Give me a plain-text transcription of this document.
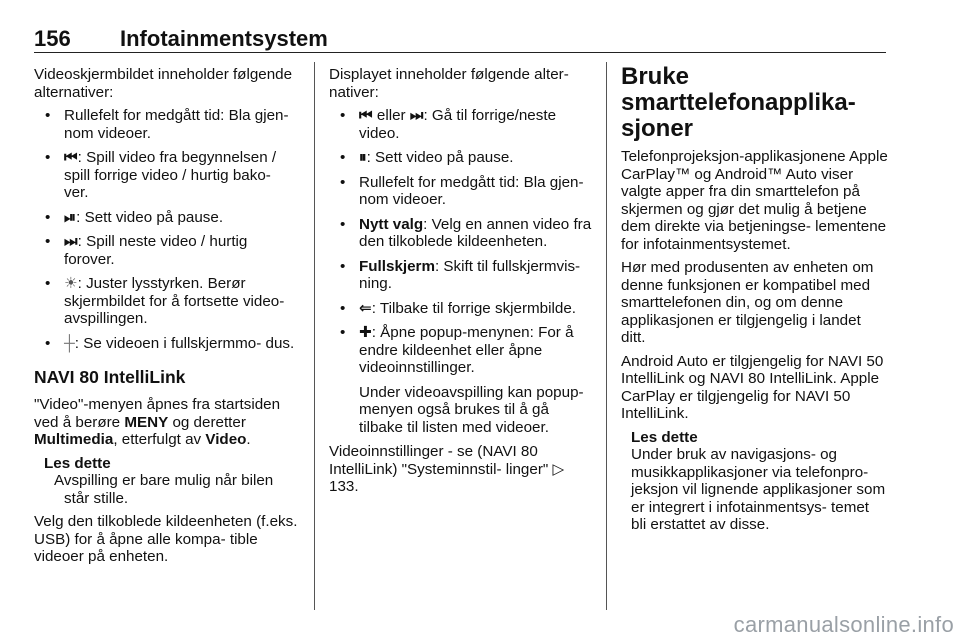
156 Infotainmentsystem

Videoskjermbildet inneholder følgende alternativer:

• Rullefelt for medgått tid: Bla gjen- nom videoer.
• ⏮: Spill video fra begynnelsen / spill forrige video / hurtig bako- ver.
• ⏯: Sett video på pause.
• ⏭: Spill neste video / hurtig forover.
• ☀: Juster lysstyrken. Berør skjermbildet for å fortsette video- avspillingen.
• ┼: Se videoen i fullskjermmo- dus.
NAVI 80 IntelliLink

"Video"-menyen åpnes fra startsiden ved å berøre MENY og deretter Multimedia, etterfulgt av Video.

Les dette
Avspilling er bare mulig når bilen står stille.

Velg den tilkoblede kildeenheten (f.eks. USB) for å åpne alle kompa- tible videoer på enheten.

Displayet inneholder følgende alter- nativer:

• ⏮ eller ⏭: Gå til forrige/neste video.
• ⏸: Sett video på pause.
• Rullefelt for medgått tid: Bla gjen- nom videoer.
• Nytt valg: Velg en annen video fra den tilkoblede kildeenheten.
• Fullskjerm: Skift til fullskjermvis- ning.
• ⇐: Tilbake til forrige skjermbilde.
• ✚: Åpne popup-menynen: For å endre kildeenhet eller åpne videoinnstillinger.
Under videoavspilling kan popup-menyen også brukes til å gå tilbake til listen med videoer.

Videoinnstillinger - se (NAVI 80 IntelliLink) "Systeminnstil- linger" ▷ 133.

Bruke smarttelefonapplika- sjoner

Telefonprojeksjon-applikasjonene Apple CarPlay™ og Android™ Auto viser valgte apper fra din smarttelefon på skjermen og gjør det mulig å betjene dem direkte via betjeningse- lementene for infotainmentsystemet.

Hør med produsenten av enheten om denne funksjonen er kompatibel med smarttelefonen din, og om denne applikasjonen er tilgjengelig i landet ditt.

Android Auto er tilgjengelig for NAVI 50 IntelliLink og NAVI 80 IntelliLink. Apple CarPlay er tilgjengelig for NAVI 50 IntelliLink.

Les dette
Under bruk av navigasjons- og musikkapplikasjoner via telefonpro- jeksjon vil lignende applikasjoner som er integrert i infotainmentsys- temet bli erstattet av disse.
carmanualsonline.info
